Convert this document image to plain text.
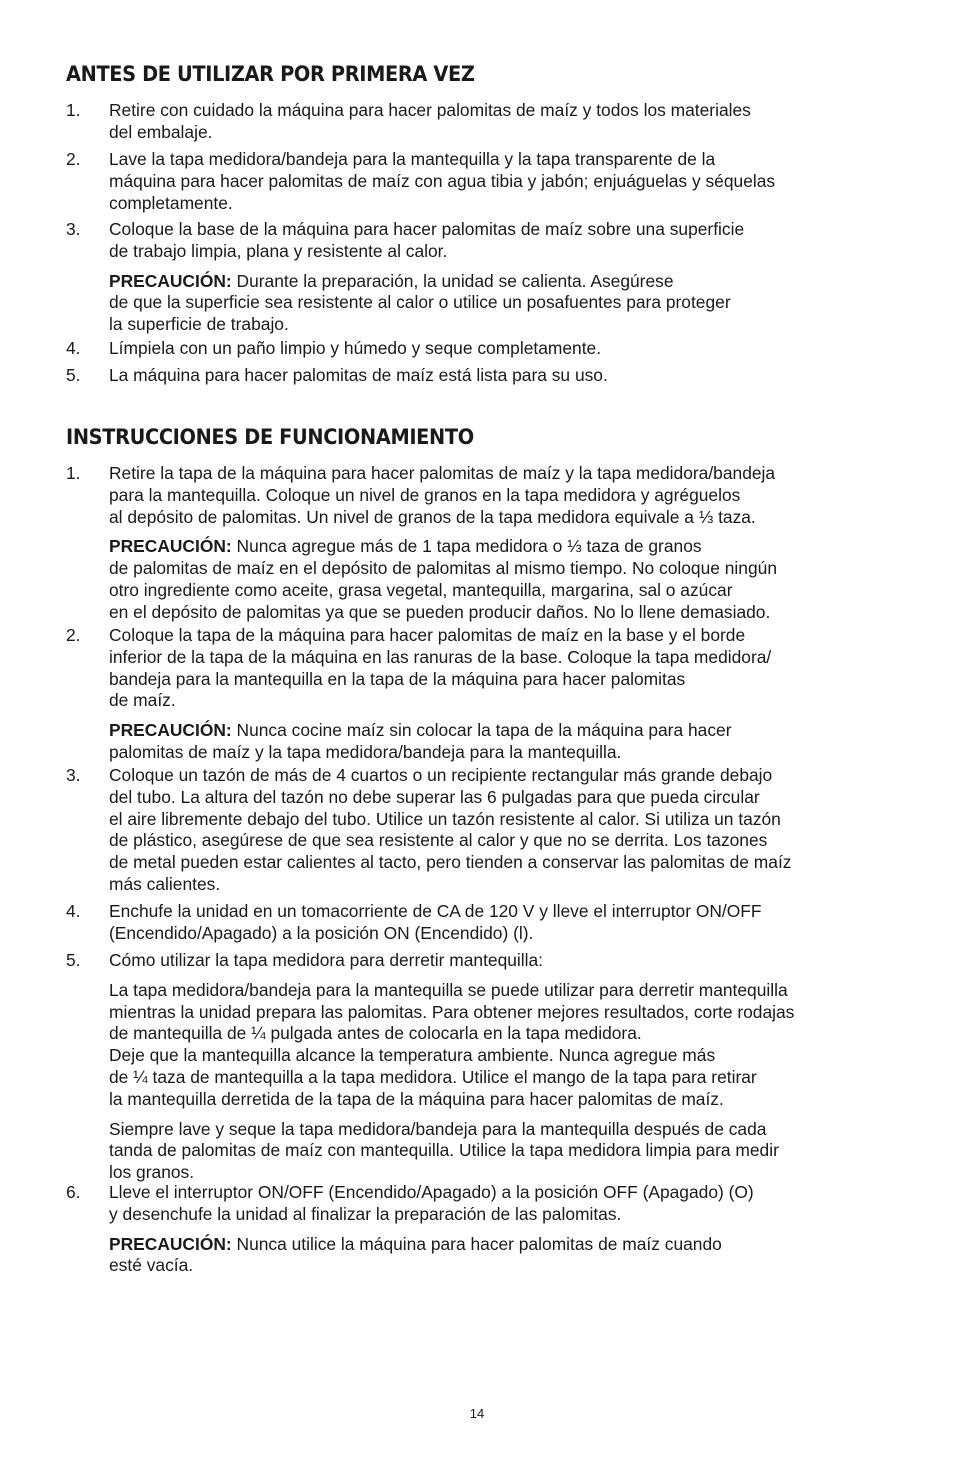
ANTES DE UTILIZAR POR PRIMERA VEZ
1.	Retire con cuidado la máquina para hacer palomitas de maíz y todos los materiales
del embalaje.
2.	Lave la tapa medidora/bandeja para la mantequilla y la tapa transparente de la
máquina para hacer palomitas de maíz con agua tibia y jabón; enjuáguelas y séquelas
completamente.
3.	Coloque la base de la máquina para hacer palomitas de maíz sobre una superficie
de trabajo limpia, plana y resistente al calor.
PRECAUCIÓN: Durante la preparación, la unidad se calienta. Asegúrese
de que la superficie sea resistente al calor o utilice un posafuentes para proteger
la superficie de trabajo.
4.	Límpiela con un paño limpio y húmedo y seque completamente.
5.	La máquina para hacer palomitas de maíz está lista para su uso.
INSTRUCCIONES DE FUNCIONAMIENTO
1.	Retire la tapa de la máquina para hacer palomitas de maíz y la tapa medidora/bandeja
para la mantequilla. Coloque un nivel de granos en la tapa medidora y agréguelos
al depósito de palomitas. Un nivel de granos de la tapa medidora equivale a ⅓ taza.
PRECAUCIÓN: Nunca agregue más de 1 tapa medidora o ⅓ taza de granos
de palomitas de maíz en el depósito de palomitas al mismo tiempo. No coloque ningún
otro ingrediente como aceite, grasa vegetal, mantequilla, margarina, sal o azúcar
en el depósito de palomitas ya que se pueden producir daños. No lo llene demasiado.
2.	Coloque la tapa de la máquina para hacer palomitas de maíz en la base y el borde
inferior de la tapa de la máquina en las ranuras de la base. Coloque la tapa medidora/
bandeja para la mantequilla en la tapa de la máquina para hacer palomitas
de maíz.
PRECAUCIÓN: Nunca cocine maíz sin colocar la tapa de la máquina para hacer
palomitas de maíz y la tapa medidora/bandeja para la mantequilla.
3.	Coloque un tazón de más de 4 cuartos o un recipiente rectangular más grande debajo
del tubo. La altura del tazón no debe superar las 6 pulgadas para que pueda circular
el aire libremente debajo del tubo. Utilice un tazón resistente al calor. Si utiliza un tazón
de plástico, asegúrese de que sea resistente al calor y que no se derrita. Los tazones
de metal pueden estar calientes al tacto, pero tienden a conservar las palomitas de maíz
más calientes.
4.	Enchufe la unidad en un tomacorriente de CA de 120 V y lleve el interruptor ON/OFF
(Encendido/Apagado) a la posición ON (Encendido) (l).
5.	Cómo utilizar la tapa medidora para derretir mantequilla:
La tapa medidora/bandeja para la mantequilla se puede utilizar para derretir mantequilla
mientras la unidad prepara las palomitas. Para obtener mejores resultados, corte rodajas
de mantequilla de ¼ pulgada antes de colocarla en la tapa medidora.
Deje que la mantequilla alcance la temperatura ambiente. Nunca agregue más
de ¼ taza de mantequilla a la tapa medidora. Utilice el mango de la tapa para retirar
la mantequilla derretida de la tapa de la máquina para hacer palomitas de maíz.
Siempre lave y seque la tapa medidora/bandeja para la mantequilla después de cada
tanda de palomitas de maíz con mantequilla. Utilice la tapa medidora limpia para medir
los granos.
6.	Lleve el interruptor ON/OFF (Encendido/Apagado) a la posición OFF (Apagado) (O)
y desenchufe la unidad al finalizar la preparación de las palomitas.
PRECAUCIÓN: Nunca utilice la máquina para hacer palomitas de maíz cuando
esté vacía.
14
